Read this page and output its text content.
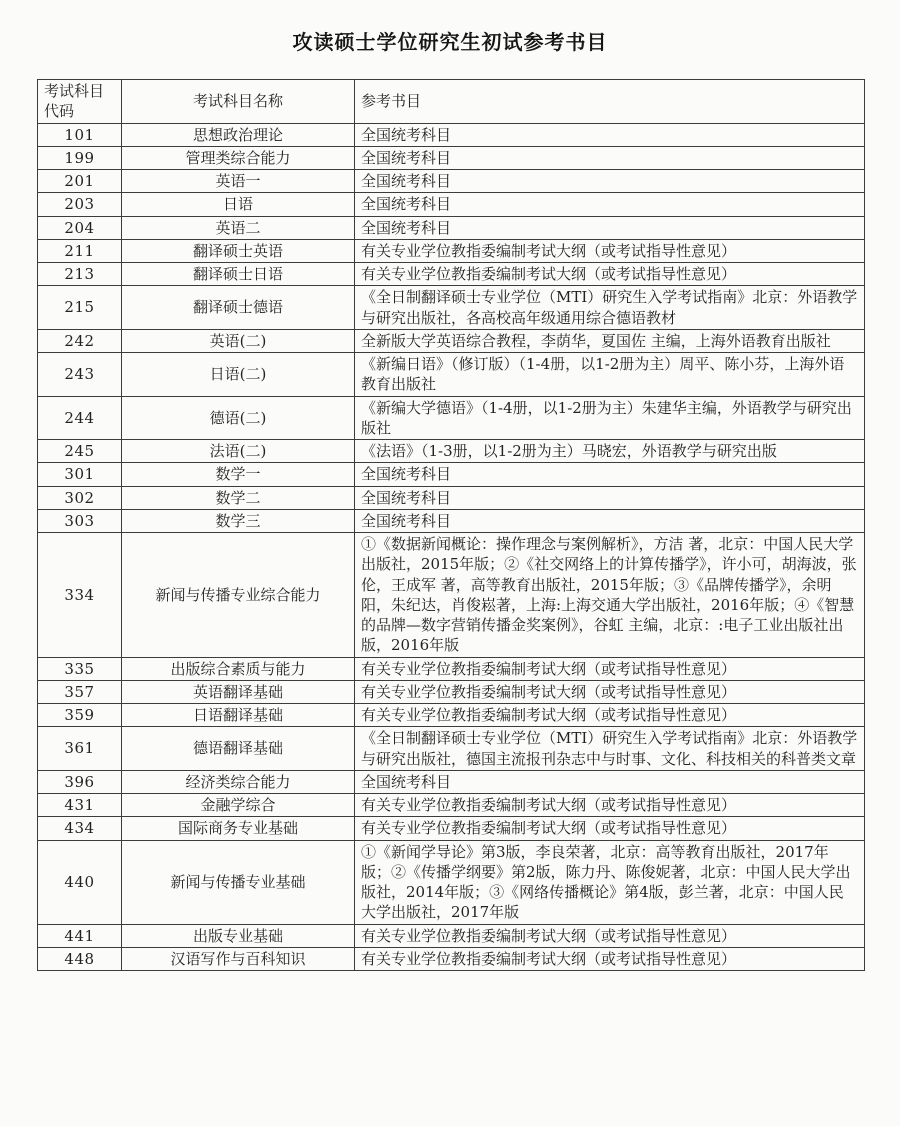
攻读硕士学位研究生初试参考书目
考试科目代码	考试科目名称	参考书目
101	思想政治理论	全国统考科目
199	管理类综合能力	全国统考科目
201	英语一	全国统考科目
203	日语	全国统考科目
204	英语二	全国统考科目
211	翻译硕士英语	有关专业学位教指委编制考试大纲（或考试指导性意见）
213	翻译硕士日语	有关专业学位教指委编制考试大纲（或考试指导性意见）
215	翻译硕士德语	《全日制翻译硕士专业学位（MTI）研究生入学考试指南》北京：外语教学与研究出版社，各高校高年级通用综合德语教材
242	英语(二)	全新版大学英语综合教程，李荫华，夏国佐 主编，上海外语教育出版社
243	日语(二)	《新编日语》（修订版）（1-4册，以1-2册为主）周平、陈小芬，上海外语教育出版社
244	德语(二)	《新编大学德语》（1-4册，以1-2册为主）朱建华主编，外语教学与研究出版社
245	法语(二)	《法语》（1-3册，以1-2册为主）马晓宏，外语教学与研究出版
301	数学一	全国统考科目
302	数学二	全国统考科目
303	数学三	全国统考科目
334	新闻与传播专业综合能力	①《数据新闻概论：操作理念与案例解析》，方洁 著，北京：中国人民大学出版社，2015年版；②《社交网络上的计算传播学》，许小可，胡海波，张伦，王成军 著，高等教育出版社，2015年版；③《品牌传播学》，余明阳，朱纪达，肖俊崧著，上海:上海交通大学出版社，2016年版；④《智慧的品牌—数字营销传播金奖案例》，谷虹 主编，北京：:电子工业出版社出版，2016年版
335	出版综合素质与能力	有关专业学位教指委编制考试大纲（或考试指导性意见）
357	英语翻译基础	有关专业学位教指委编制考试大纲（或考试指导性意见）
359	日语翻译基础	有关专业学位教指委编制考试大纲（或考试指导性意见）
361	德语翻译基础	《全日制翻译硕士专业学位（MTI）研究生入学考试指南》北京：外语教学与研究出版社，德国主流报刊杂志中与时事、文化、科技相关的科普类文章
396	经济类综合能力	全国统考科目
431	金融学综合	有关专业学位教指委编制考试大纲（或考试指导性意见）
434	国际商务专业基础	有关专业学位教指委编制考试大纲（或考试指导性意见）
440	新闻与传播专业基础	①《新闻学导论》第3版，李良荣著，北京：高等教育出版社，2017年版；②《传播学纲要》第2版，陈力丹、陈俊妮著，北京：中国人民大学出版社，2014年版；③《网络传播概论》第4版，彭兰著，北京：中国人民大学出版社，2017年版
441	出版专业基础	有关专业学位教指委编制考试大纲（或考试指导性意见）
448	汉语写作与百科知识	有关专业学位教指委编制考试大纲（或考试指导性意见）
